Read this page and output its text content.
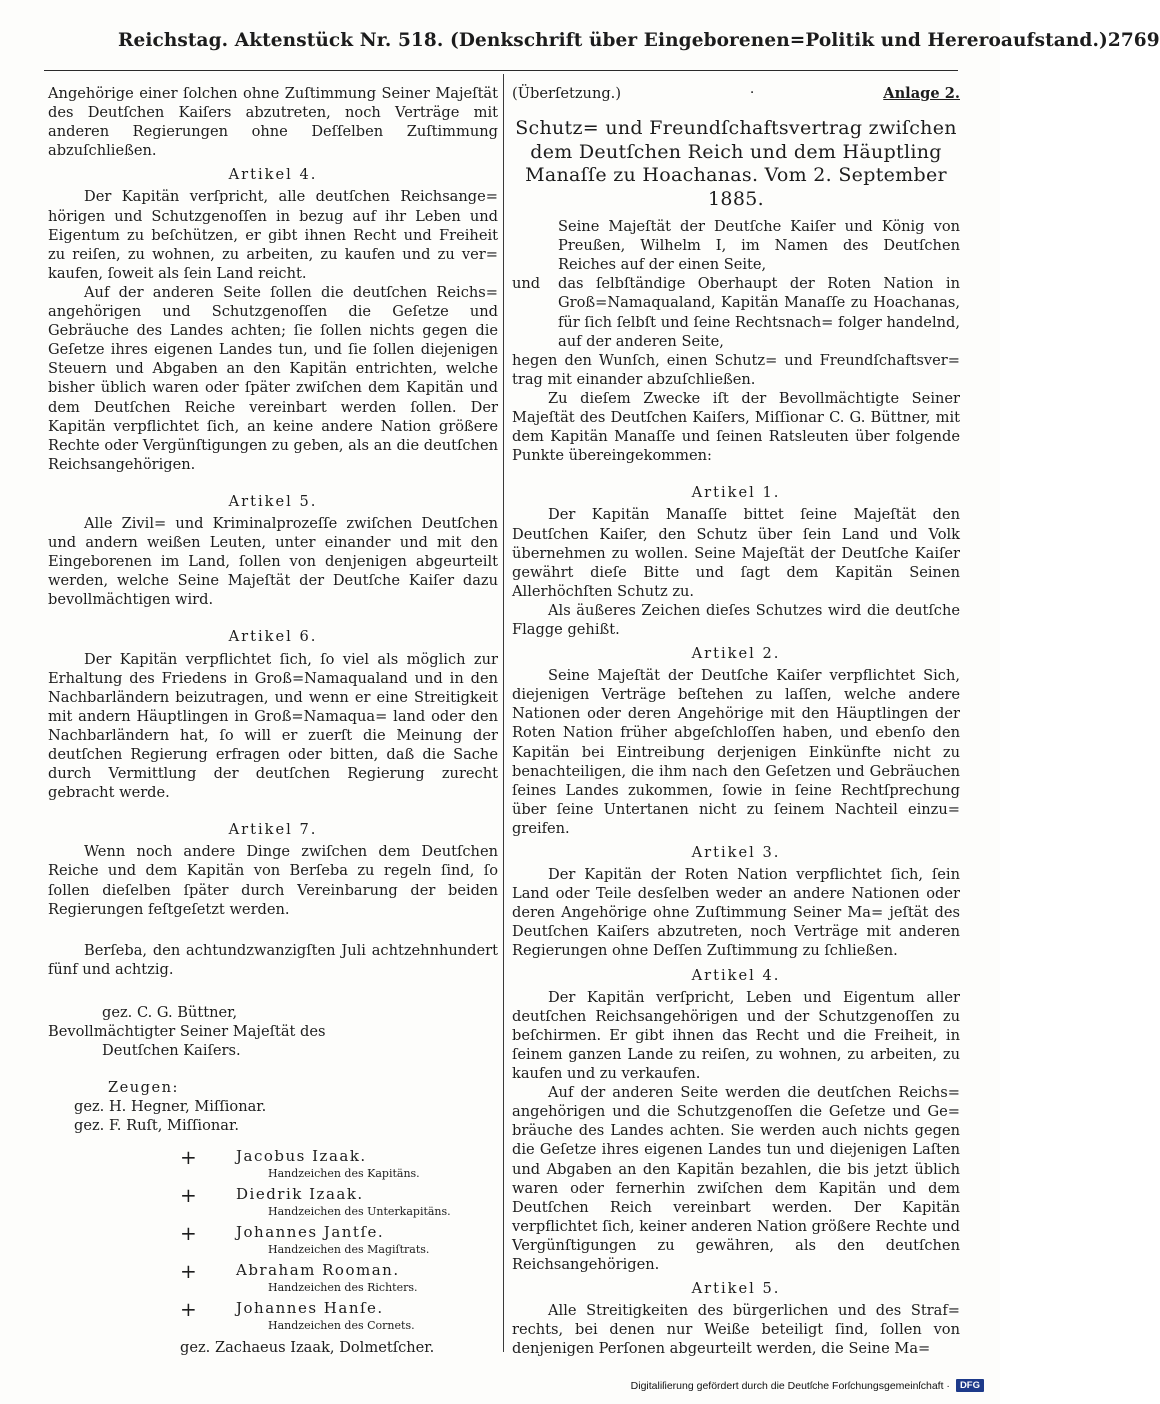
Reichstag. Aktenstück Nr. 518. (Denkschrift über Eingeborenen=Politik und Hereroaufstand.) 2769

Angehörige einer ſolchen ohne Zuſtimmung Seiner Majeſtät des Deutſchen Kaiſers abzutreten, noch Verträge mit anderen Regierungen ohne Deſſelben Zuſtimmung abzuſchließen.

Artikel 4.

Der Kapitän verſpricht, alle deutſchen Reichsange= hörigen und Schutzgenoſſen in bezug auf ihr Leben und Eigentum zu beſchützen, er gibt ihnen Recht und Freiheit zu reiſen, zu wohnen, zu arbeiten, zu kaufen und zu ver= kaufen, ſoweit als ſein Land reicht.

Auf der anderen Seite ſollen die deutſchen Reichs= angehörigen und Schutzgenoſſen die Geſetze und Gebräuche des Landes achten; ſie ſollen nichts gegen die Geſetze ihres eigenen Landes tun, und ſie ſollen diejenigen Steuern und Abgaben an den Kapitän entrichten, welche bisher üblich waren oder ſpäter zwiſchen dem Kapitän und dem Deutſchen Reiche vereinbart werden ſollen. Der Kapitän verpflichtet ſich, an keine andere Nation größere Rechte oder Vergünſtigungen zu geben, als an die deutſchen Reichsangehörigen.

Artikel 5.

Alle Zivil= und Kriminalprozeſſe zwiſchen Deutſchen und andern weißen Leuten, unter einander und mit den Eingeborenen im Land, ſollen von denjenigen abgeurteilt werden, welche Seine Majeſtät der Deutſche Kaiſer dazu bevollmächtigen wird.

Artikel 6.

Der Kapitän verpflichtet ſich, ſo viel als möglich zur Erhaltung des Friedens in Groß=Namaqualand und in den Nachbarländern beizutragen, und wenn er eine Streitigkeit mit andern Häuptlingen in Groß=Namaqua= land oder den Nachbarländern hat, ſo will er zuerſt die Meinung der deutſchen Regierung erfragen oder bitten, daß die Sache durch Vermittlung der deutſchen Regierung zurecht gebracht werde.

Artikel 7.

Wenn noch andere Dinge zwiſchen dem Deutſchen Reiche und dem Kapitän von Berſeba zu regeln ſind, ſo ſollen dieſelben ſpäter durch Vereinbarung der beiden Regierungen feſtgeſetzt werden.

Berſeba, den achtundzwanzigſten Juli achtzehnhundert fünf und achtzig.

gez. C. G. Büttner,
Bevollmächtigter Seiner Majeſtät des
Deutſchen Kaiſers.
Zeugen:
gez. H. Hegner, Miſſionar.
gez. F. Ruſt, Miſſionar.
+	Jacobus Izaak.
Handzeichen des Kapitäns.
+	Diedrik Izaak.
Handzeichen des Unterkapitäns.
+	Johannes Jantſe.
Handzeichen des Magiſtrats.
+	Abraham Rooman.
Handzeichen des Richters.
+	Johannes Hanſe.
Handzeichen des Cornets.
gez. Zachaeus Izaak, Dolmetſcher.
(Überſetzung.)	·	Anlage 2.
Schutz= und Freundſchaftsvertrag zwiſchen dem Deutſchen Reich und dem Häuptling Manaſſe zu Hoachanas. Vom 2. September 1885.

Seine Majeſtät der Deutſche Kaiſer und König von Preußen, Wilhelm I, im Namen des Deutſchen Reiches auf der einen Seite,

und	das ſelbſtändige Oberhaupt der Roten Nation in Groß=Namaqualand, Kapitän Manaſſe zu Hoachanas, für ſich ſelbſt und ſeine Rechtsnach= folger handelnd, auf der anderen Seite,

hegen den Wunſch, einen Schutz= und Freundſchaftsver= trag mit einander abzuſchließen.

Zu dieſem Zwecke iſt der Bevollmächtigte Seiner Majeſtät des Deutſchen Kaiſers, Miſſionar C. G. Büttner, mit dem Kapitän Manaſſe und ſeinen Ratsleuten über folgende Punkte übereingekommen:

Artikel 1.

Der Kapitän Manaſſe bittet ſeine Majeſtät den Deutſchen Kaiſer, den Schutz über ſein Land und Volk übernehmen zu wollen. Seine Majeſtät der Deutſche Kaiſer gewährt dieſe Bitte und ſagt dem Kapitän Seinen Allerhöchſten Schutz zu.

Als äußeres Zeichen dieſes Schutzes wird die deutſche Flagge gehißt.

Artikel 2.

Seine Majeſtät der Deutſche Kaiſer verpflichtet Sich, diejenigen Verträge beſtehen zu laſſen, welche andere Nationen oder deren Angehörige mit den Häuptlingen der Roten Nation früher abgeſchloſſen haben, und ebenſo den Kapitän bei Eintreibung derjenigen Einkünfte nicht zu benachteiligen, die ihm nach den Geſetzen und Gebräuchen ſeines Landes zukommen, ſowie in ſeine Rechtſprechung über ſeine Untertanen nicht zu ſeinem Nachteil einzu= greifen.

Artikel 3.

Der Kapitän der Roten Nation verpflichtet ſich, ſein Land oder Teile desſelben weder an andere Nationen oder deren Angehörige ohne Zuſtimmung Seiner Ma= jeſtät des Deutſchen Kaiſers abzutreten, noch Verträge mit anderen Regierungen ohne Deſſen Zuſtimmung zu ſchließen.

Artikel 4.

Der Kapitän verſpricht, Leben und Eigentum aller deutſchen Reichsangehörigen und der Schutzgenoſſen zu beſchirmen. Er gibt ihnen das Recht und die Freiheit, in ſeinem ganzen Lande zu reiſen, zu wohnen, zu arbeiten, zu kaufen und zu verkaufen.

Auf der anderen Seite werden die deutſchen Reichs= angehörigen und die Schutzgenoſſen die Geſetze und Ge= bräuche des Landes achten. Sie werden auch nichts gegen die Geſetze ihres eigenen Landes tun und diejenigen Laſten und Abgaben an den Kapitän bezahlen, die bis jetzt üblich waren oder fernerhin zwiſchen dem Kapitän und dem Deutſchen Reich vereinbart werden. Der Kapitän verpflichtet ſich, keiner anderen Nation größere Rechte und Vergünſtigungen zu gewähren, als den deutſchen Reichsangehörigen.

Artikel 5.

Alle Streitigkeiten des bürgerlichen und des Straf= rechts, bei denen nur Weiße beteiligt ſind, ſollen von denjenigen Perſonen abgeurteilt werden, die Seine Ma=

Digitaliſierung gefördert durch die Deutſche Forſchungsgemeinſchaft ·	DFG
